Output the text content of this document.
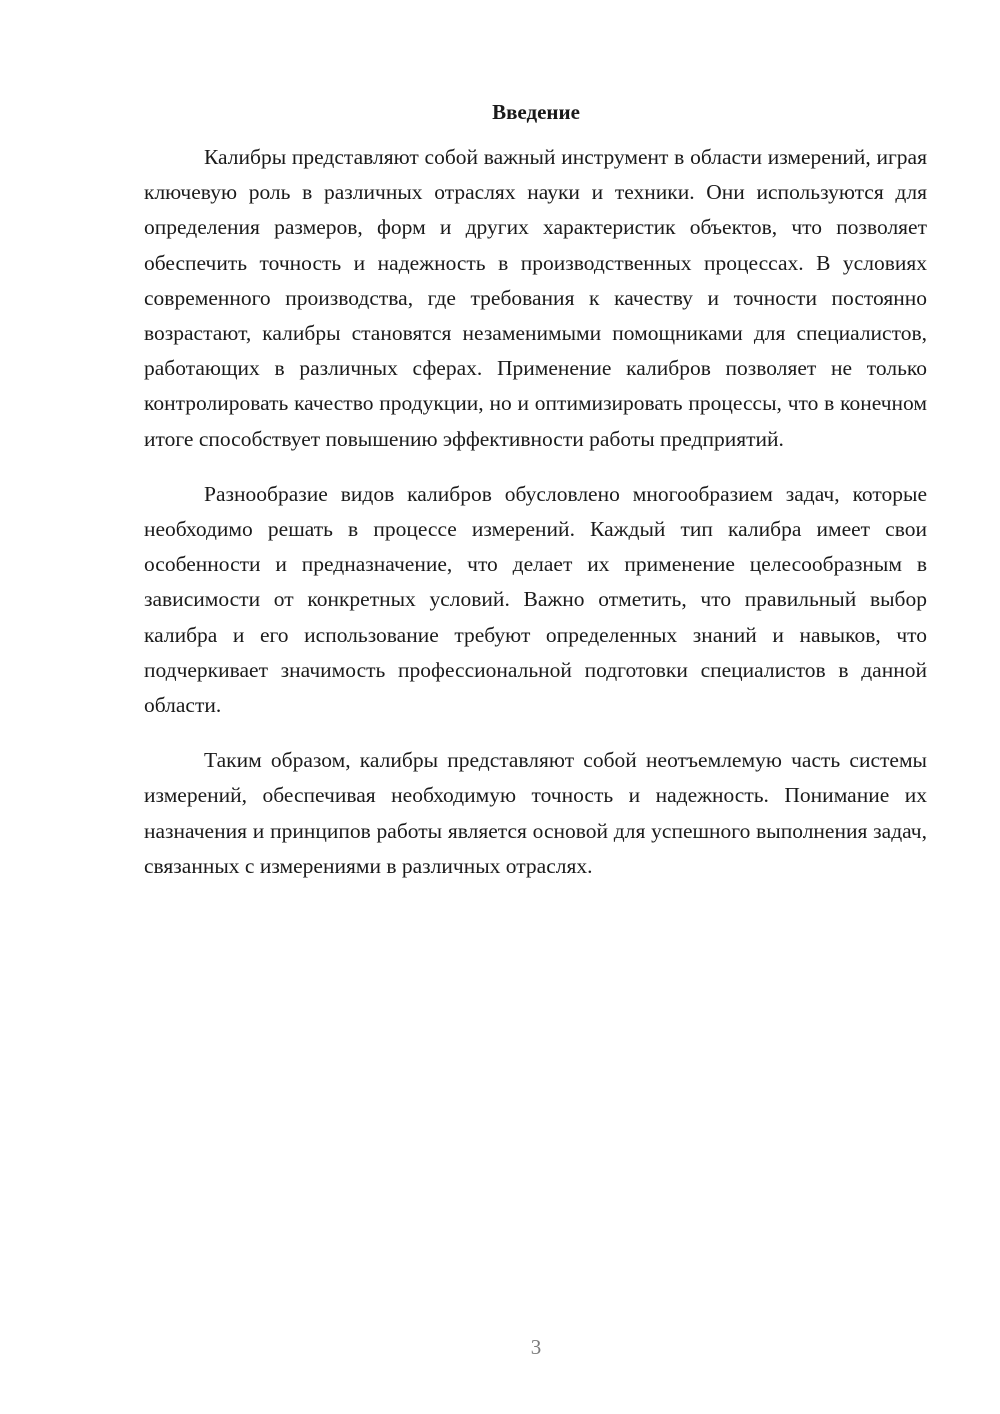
Введение

Калибры представляют собой важный инструмент в области измерений, играя ключевую роль в различных отраслях науки и техники. Они используются для определения размеров, форм и других характеристик объектов, что позволяет обеспечить точность и надежность в производственных процессах. В условиях современного производства, где требования к качеству и точности постоянно возрастают, калибры становятся незаменимыми помощниками для специалистов, работающих в различных сферах. Применение калибров позволяет не только контролировать качество продукции, но и оптимизировать процессы, что в конечном итоге способствует повышению эффективности работы предприятий.

Разнообразие видов калибров обусловлено многообразием задач, которые необходимо решать в процессе измерений. Каждый тип калибра имеет свои особенности и предназначение, что делает их применение целесообразным в зависимости от конкретных условий. Важно отметить, что правильный выбор калибра и его использование требуют определенных знаний и навыков, что подчеркивает значимость профессиональной подготовки специалистов в данной области.

Таким образом, калибры представляют собой неотъемлемую часть системы измерений, обеспечивая необходимую точность и надежность. Понимание их назначения и принципов работы является основой для успешного выполнения задач, связанных с измерениями в различных отраслях.

3
